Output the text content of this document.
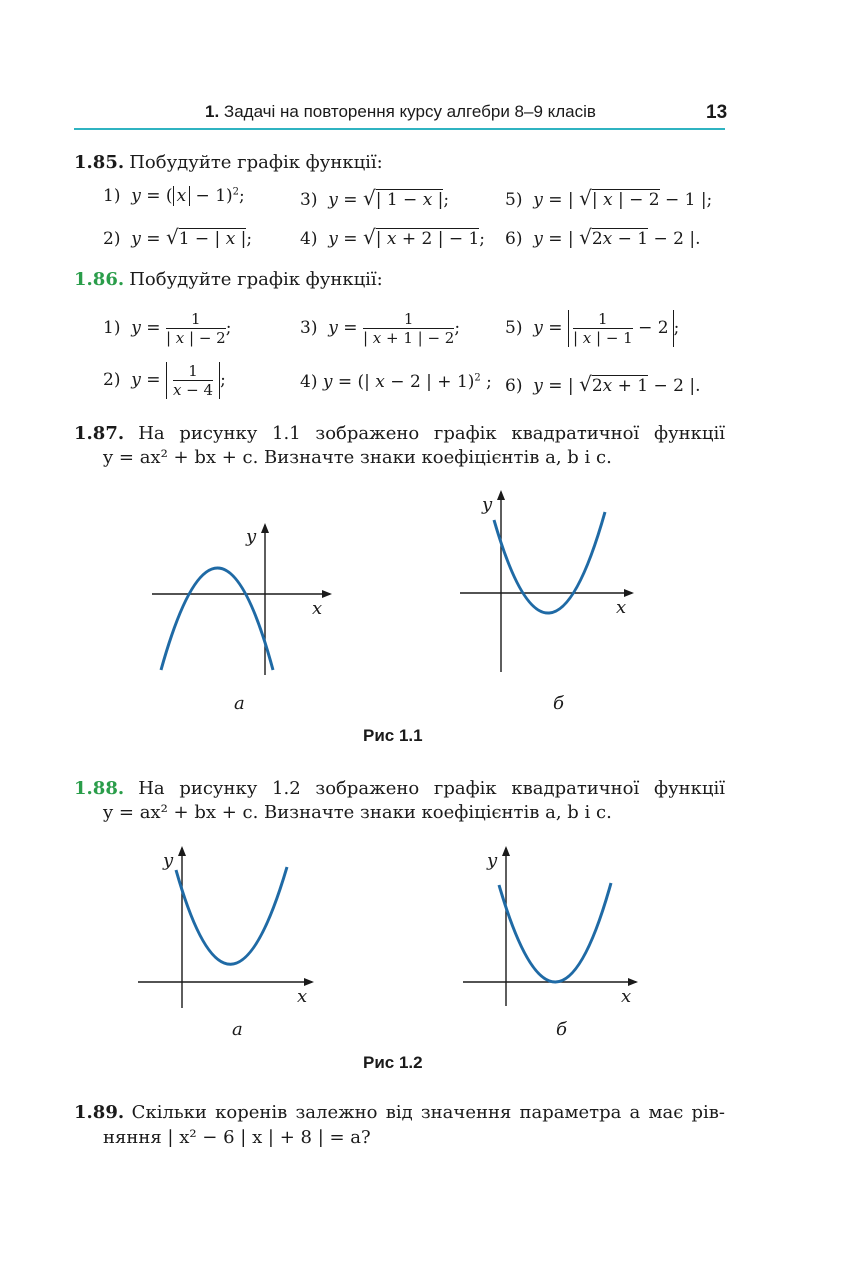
1. Задачі на повторення курсу алгебри 8–9 класів	13
1.85. Побудуйте графік функції:
1)  y = ( x − 1)$^2$;	3)  y = √| 1 − x |;	5)  y = | √| x | − 2 − 1 |;
2)  y = √1 − | x |;	4)  y = √| x + 2 | − 1; 6)  y = | √2x − 1 − 2 |.
1.86. Побудуйте графік функції:
1)  $y = \frac{1}{| x | - 2}$ ;	3)  $y = \frac{1}{| x + 1 | - 2}$ ;	5)  $y = \frac{1}{| x | - 1} - 2$ ;
2)  $y = \frac{1}{x - 4}$ ;	4) y = (| x − 2 | + 1)$^2$ ; 6)  y = | √2x + 1 − 2 |.
1.87. На рисунку 1.1 зображено графік квадратичної функції
y = ax² + bx + c. Визначте знаки коефіцієнтів a, b і c.
x
y
x
y
а	б
Рис 1.1
1.88. На рисунку 1.2 зображено графік квадратичної функції
y = ax² + bx + c. Визначте знаки коефіцієнтів a, b і c.
x
y
x
y
а	б
Рис 1.2
1.89. Скільки коренів залежно від значення параметра a має рів-
няння | x² − 6 | x | + 8 | = a?
